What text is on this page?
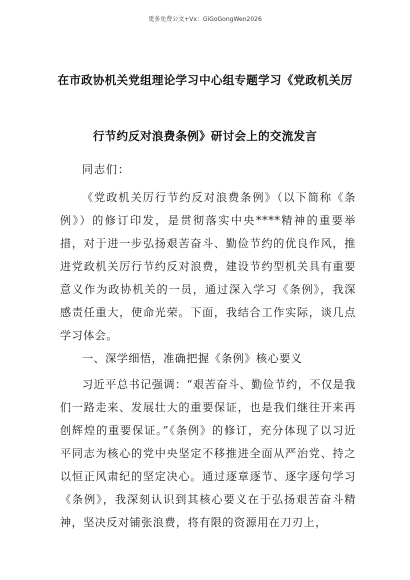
更多免费公文+Vx：GiGoGongWen2026
在市政协机关党组理论学习中心组专题学习《党政机关厉
行节约反对浪费条例》研讨会上的交流发言
同志们：

《党政机关厉行节约反对浪费条例》（以下简称《条例》）的修订印发，是贯彻落实中央****精神的重要举措，对于进一步弘扬艰苦奋斗、勤俭节约的优良作风，推进党政机关厉行节约反对浪费，建设节约型机关具有重要意义作为政协机关的一员，通过深入学习《条例》，我深感责任重大，使命光荣。下面，我结合工作实际，谈几点学习体会。

一、深学细悟，准确把握《条例》核心要义

习近平总书记强调：“艰苦奋斗、勤俭节约，不仅是我们一路走来、发展壮大的重要保证，也是我们继往开来再创辉煌的重要保证。”《条例》的修订，充分体现了以习近平同志为核心的党中央坚定不移推进全面从严治党、持之以恒正风肃纪的坚定决心。通过逐章逐节、逐字逐句学习《条例》，我深刻认识到其核心要义在于弘扬艰苦奋斗精神，坚决反对铺张浪费，将有限的资源用在刀刃上，
